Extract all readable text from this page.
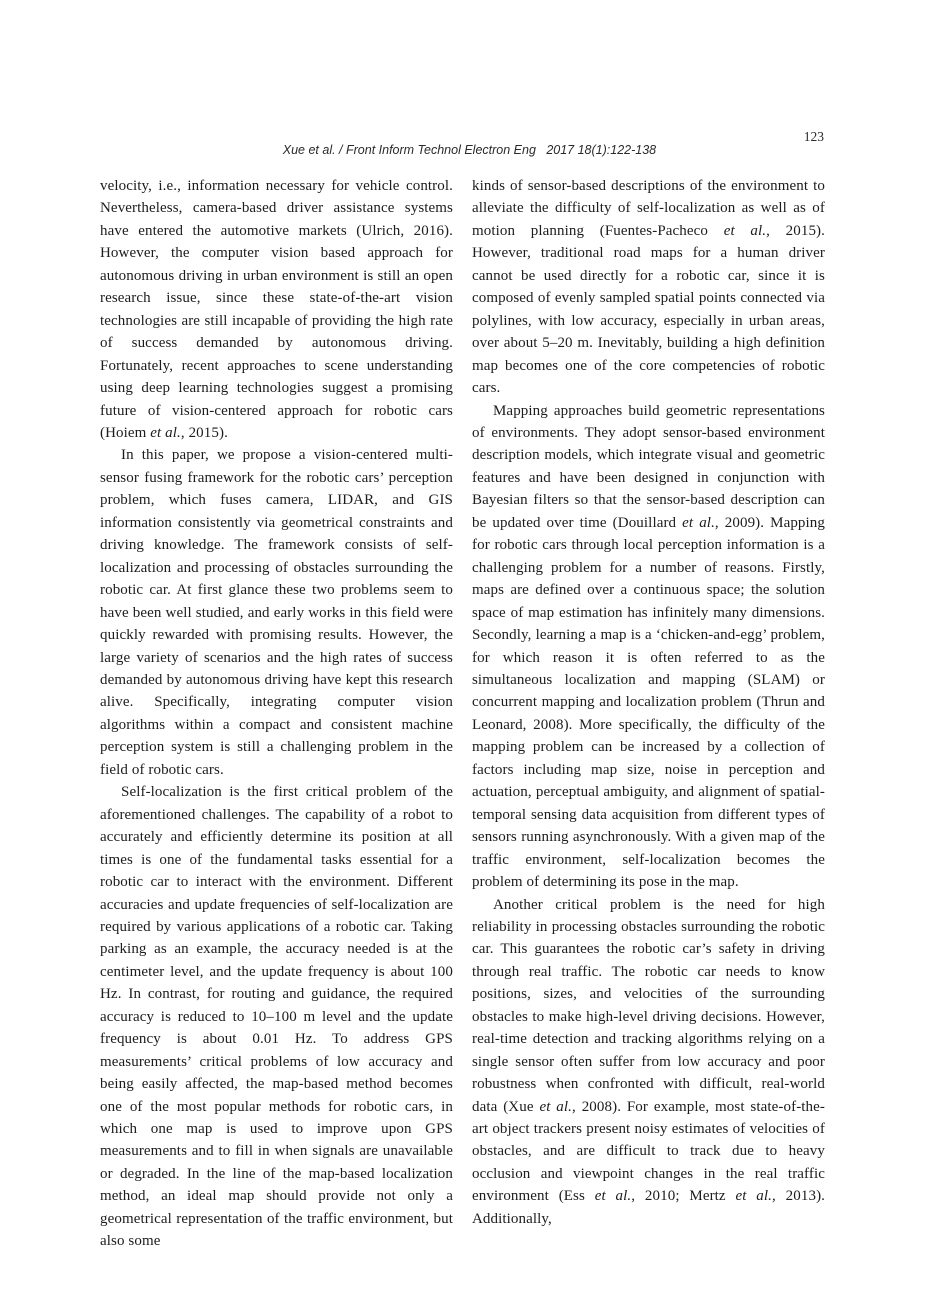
Xue et al. / Front Inform Technol Electron Eng   2017 18(1):122-138

123

velocity, i.e., information necessary for vehicle control. Nevertheless, camera-based driver assistance systems have entered the automotive markets (Ulrich, 2016). However, the computer vision based approach for autonomous driving in urban environment is still an open research issue, since these state-of-the-art vision technologies are still incapable of providing the high rate of success demanded by autonomous driving. Fortunately, recent approaches to scene understanding using deep learning technologies suggest a promising future of vision-centered approach for robotic cars (Hoiem et al., 2015).

In this paper, we propose a vision-centered multi-sensor fusing framework for the robotic cars’ perception problem, which fuses camera, LIDAR, and GIS information consistently via geometrical constraints and driving knowledge. The framework consists of self-localization and processing of obstacles surrounding the robotic car. At first glance these two problems seem to have been well studied, and early works in this field were quickly rewarded with promising results. However, the large variety of scenarios and the high rates of success demanded by autonomous driving have kept this research alive. Specifically, integrating computer vision algorithms within a compact and consistent machine perception system is still a challenging problem in the field of robotic cars.

Self-localization is the first critical problem of the aforementioned challenges. The capability of a robot to accurately and efficiently determine its position at all times is one of the fundamental tasks essential for a robotic car to interact with the environment. Different accuracies and update frequencies of self-localization are required by various applications of a robotic car. Taking parking as an example, the accuracy needed is at the centimeter level, and the update frequency is about 100 Hz. In contrast, for routing and guidance, the required accuracy is reduced to 10–100 m level and the update frequency is about 0.01 Hz. To address GPS measurements’ critical problems of low accuracy and being easily affected, the map-based method becomes one of the most popular methods for robotic cars, in which one map is used to improve upon GPS measurements and to fill in when signals are unavailable or degraded. In the line of the map-based localization method, an ideal map should provide not only a geometrical representation of the traffic environment, but also some

kinds of sensor-based descriptions of the environment to alleviate the difficulty of self-localization as well as of motion planning (Fuentes-Pacheco et al., 2015). However, traditional road maps for a human driver cannot be used directly for a robotic car, since it is composed of evenly sampled spatial points connected via polylines, with low accuracy, especially in urban areas, over about 5–20 m. Inevitably, building a high definition map becomes one of the core competencies of robotic cars.

Mapping approaches build geometric representations of environments. They adopt sensor-based environment description models, which integrate visual and geometric features and have been designed in conjunction with Bayesian filters so that the sensor-based description can be updated over time (Douillard et al., 2009). Mapping for robotic cars through local perception information is a challenging problem for a number of reasons. Firstly, maps are defined over a continuous space; the solution space of map estimation has infinitely many dimensions. Secondly, learning a map is a ‘chicken-and-egg’ problem, for which reason it is often referred to as the simultaneous localization and mapping (SLAM) or concurrent mapping and localization problem (Thrun and Leonard, 2008). More specifically, the difficulty of the mapping problem can be increased by a collection of factors including map size, noise in perception and actuation, perceptual ambiguity, and alignment of spatial-temporal sensing data acquisition from different types of sensors running asynchronously. With a given map of the traffic environment, self-localization becomes the problem of determining its pose in the map.

Another critical problem is the need for high reliability in processing obstacles surrounding the robotic car. This guarantees the robotic car’s safety in driving through real traffic. The robotic car needs to know positions, sizes, and velocities of the surrounding obstacles to make high-level driving decisions. However, real-time detection and tracking algorithms relying on a single sensor often suffer from low accuracy and poor robustness when confronted with difficult, real-world data (Xue et al., 2008). For example, most state-of-the-art object trackers present noisy estimates of velocities of obstacles, and are difficult to track due to heavy occlusion and viewpoint changes in the real traffic environment (Ess et al., 2010; Mertz et al., 2013). Additionally,
